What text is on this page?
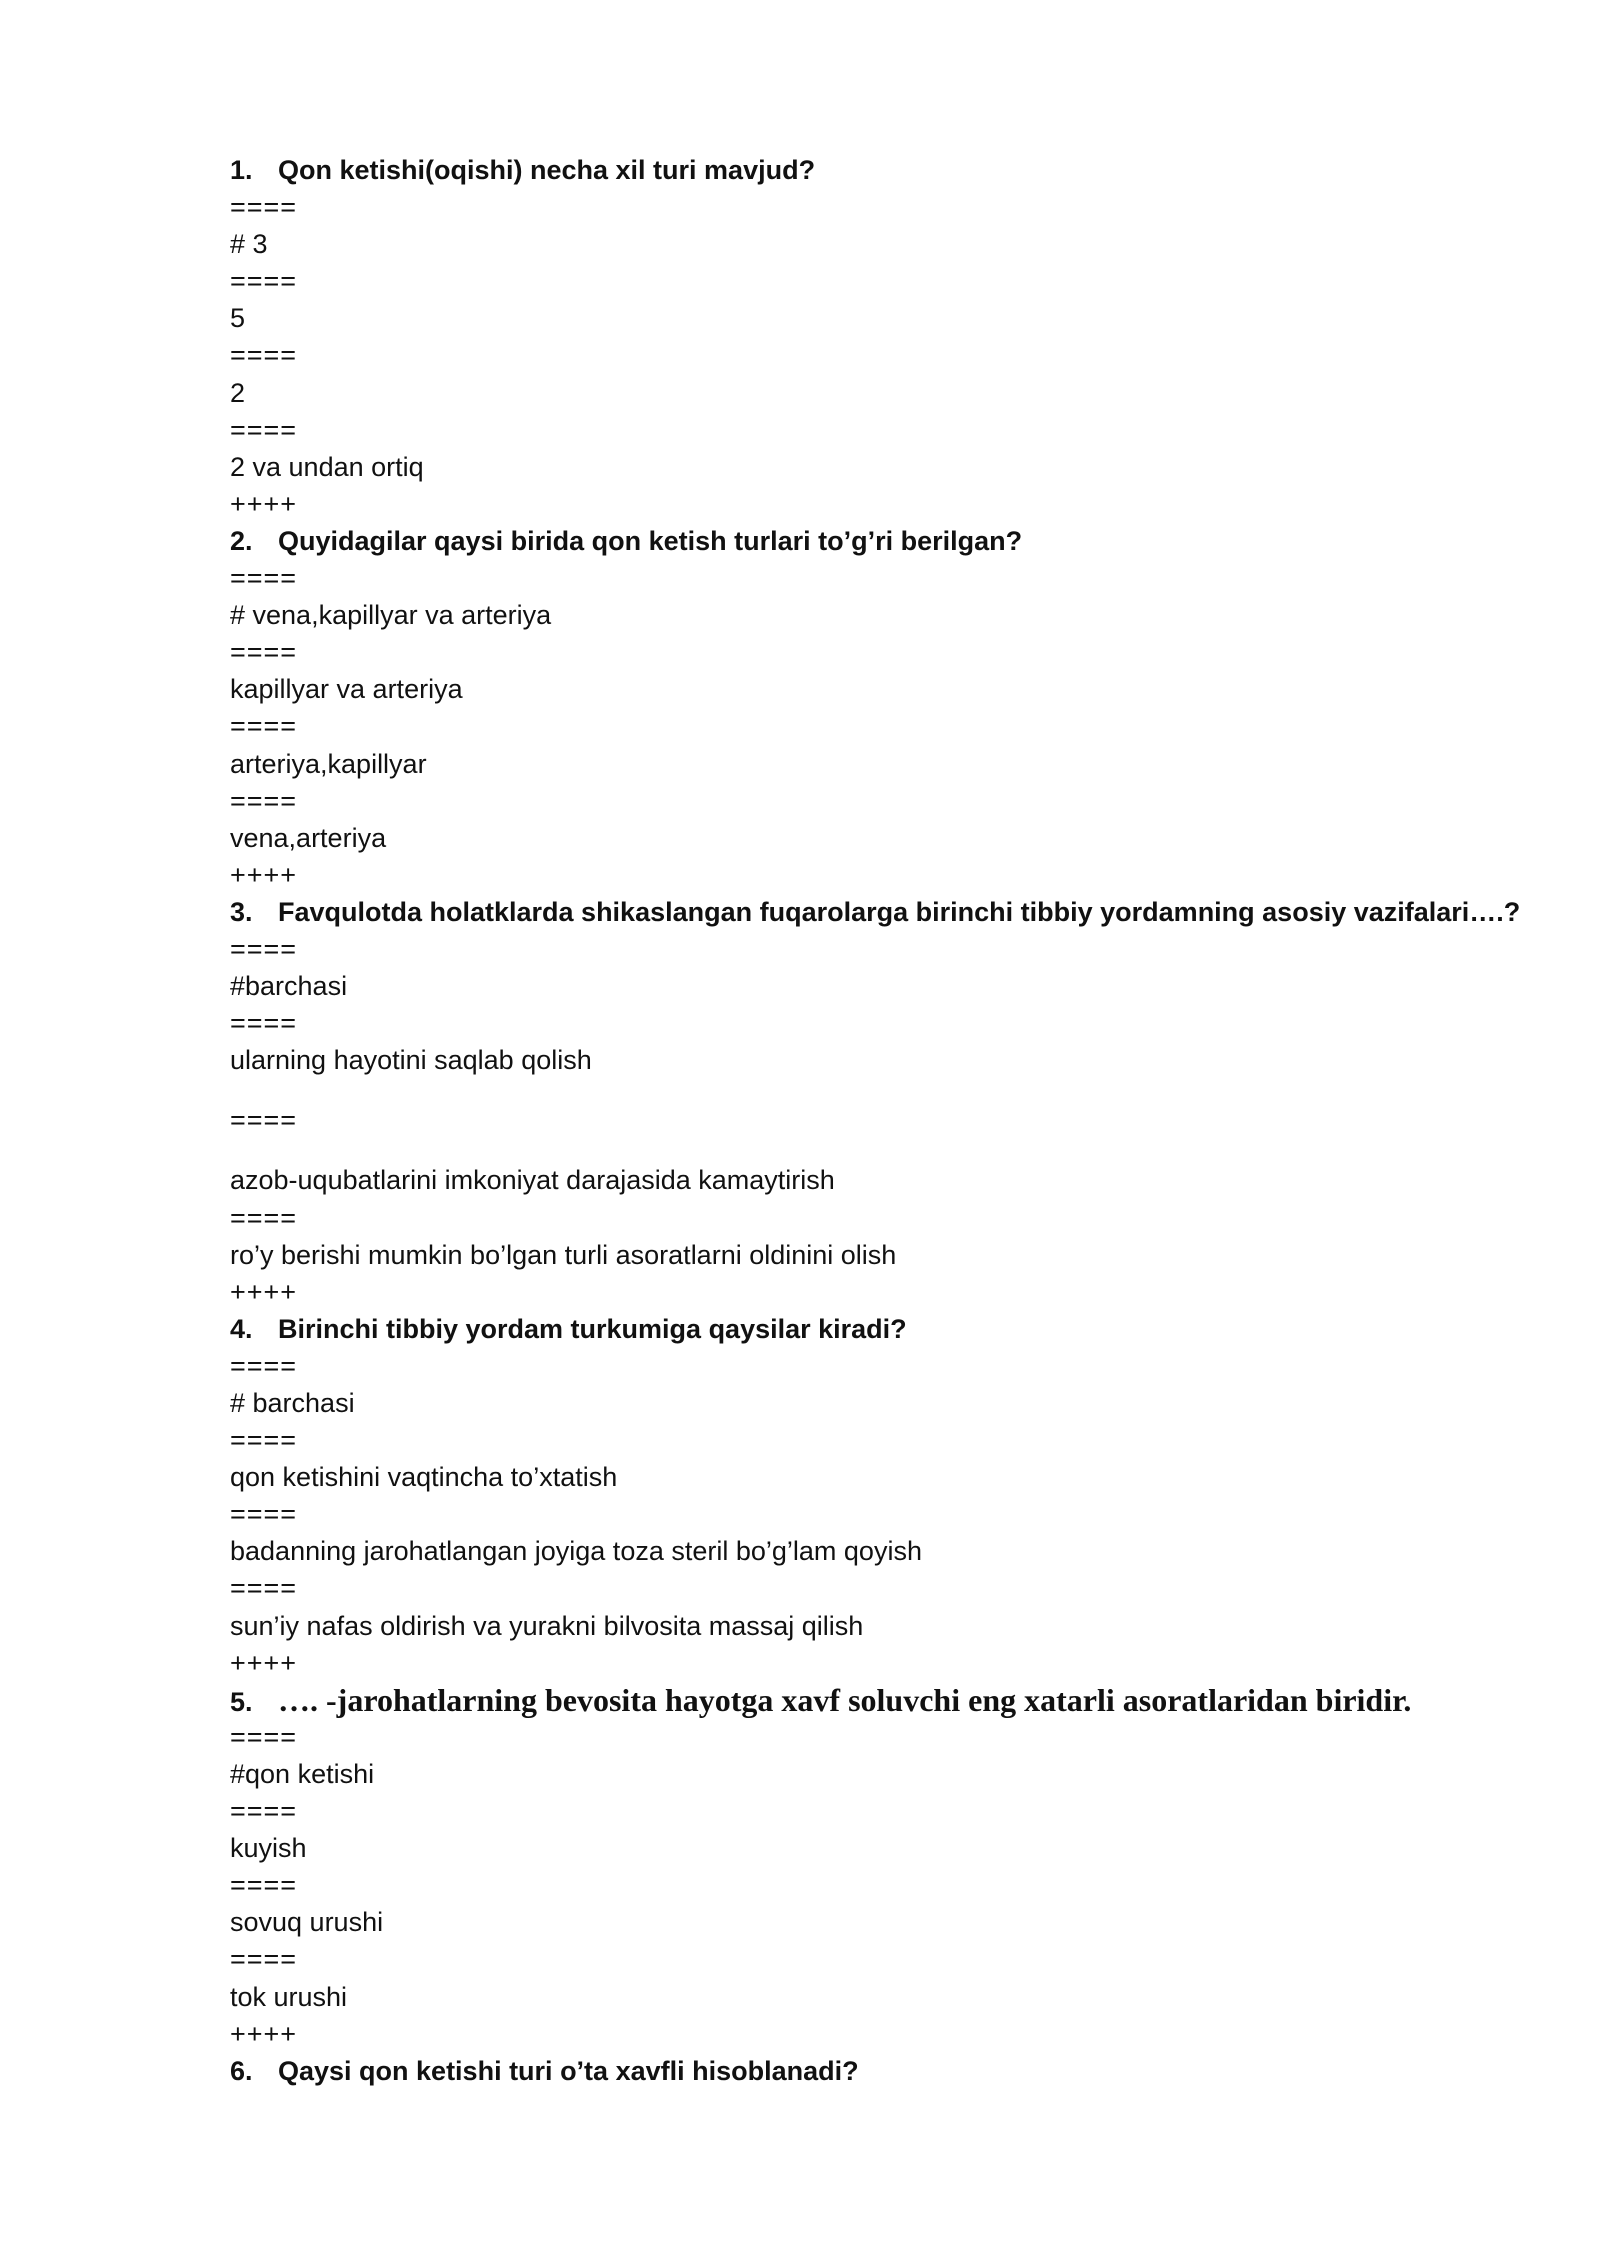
1. Qon ketishi(oqishi) necha xil turi mavjud?
====
# 3
====
5
====
2
====
2 va undan ortiq
++++
2. Quyidagilar qaysi birida qon ketish turlari to’g’ri berilgan?
====
# vena,kapillyar va arteriya
====
kapillyar va arteriya
====
arteriya,kapillyar
====
vena,arteriya
++++
3. Favqulotda holatklarda shikaslangan fuqarolarga birinchi tibbiy yordamning asosiy vazifalari….?
====
#barchasi
====
ularning hayotini saqlab qolish
====
azob-uqubatlarini imkoniyat darajasida kamaytirish
====
ro’y berishi mumkin bo’lgan turli asoratlarni oldinini olish
++++
4. Birinchi tibbiy yordam turkumiga qaysilar kiradi?
====
# barchasi
====
qon ketishini vaqtincha to’xtatish
====
badanning jarohatlangan joyiga toza steril bo’g’lam qoyish
====
sun’iy nafas oldirish va yurakni bilvosita massaj qilish
++++
5. …. -jarohatlarning bevosita hayotga xavf soluvchi eng xatarli asoratlaridan biridir.
====
#qon ketishi
====
kuyish
====
sovuq urushi
====
tok urushi
++++
6. Qaysi qon ketishi turi o’ta xavfli hisoblanadi?
